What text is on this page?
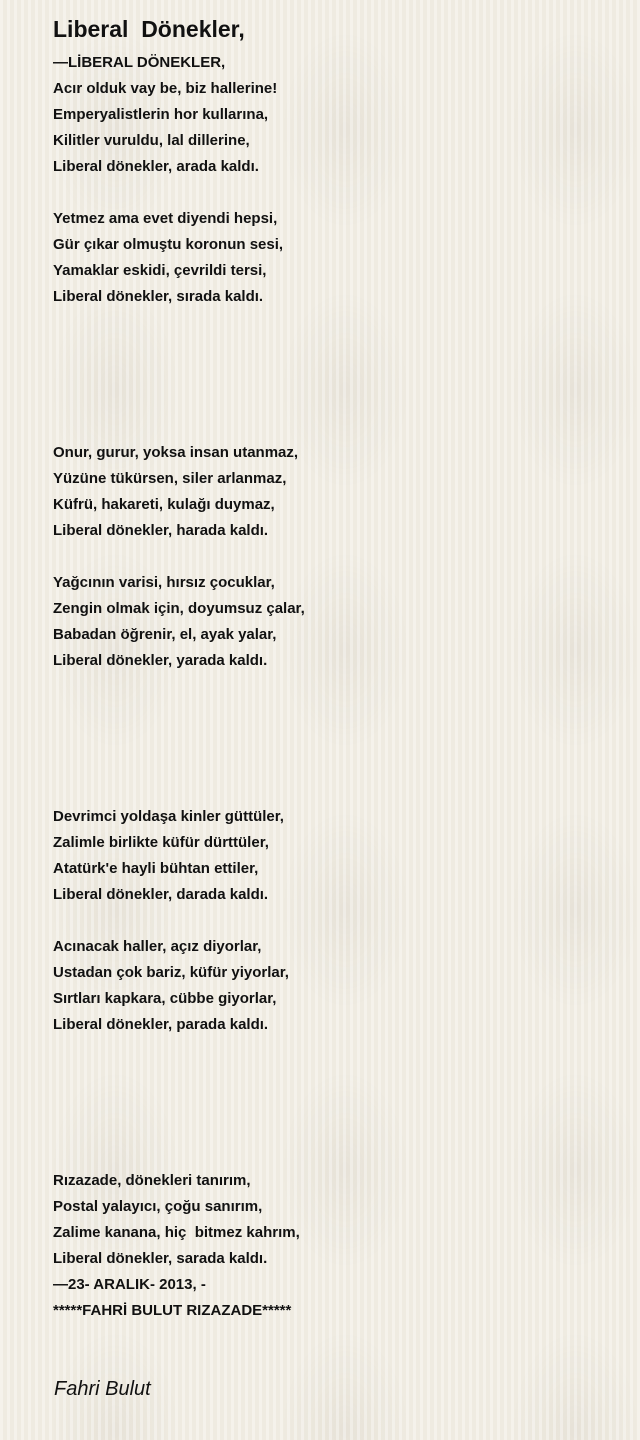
Liberal  Dönekler,
—LİBERAL DÖNEKLER,
Acır olduk vay be, biz hallerine!
Emperyalistlerin hor kullarına,
Kilitler vuruldu, lal dillerine,
Liberal dönekler, arada kaldı.
Yetmez ama evet diyendi hepsi,
Gür çıkar olmuştu koronun sesi,
Yamaklar eskidi, çevrildi tersi,
Liberal dönekler, sırada kaldı.
Onur, gurur, yoksa insan utanmaz,
Yüzüne tükürsen, siler arlanmaz,
Küfrü, hakareti, kulağı duymaz,
Liberal dönekler, harada kaldı.
Yağcının varisi, hırsız çocuklar,
Zengin olmak için, doyumsuz çalar,
Babadan öğrenir, el, ayak yalar,
Liberal dönekler, yarada kaldı.
Devrimci yoldaşa kinler güttüler,
Zalimle birlikte küfür dürttüler,
Atatürk'e hayli bühtan ettiler,
Liberal dönekler, darada kaldı.
Acınacak haller, açız diyorlar,
Ustadan çok bariz, küfür yiyorlar,
Sırtları kapkara, cübbe giyorlar,
Liberal dönekler, parada kaldı.
Rızazade, dönekleri tanırım,
Postal yalayıcı, çoğu sanırım,
Zalime kanana, hiç  bitmez kahrım,
Liberal dönekler, sarada kaldı.
—23- ARALIK- 2013, -
*****FAHRİ BULUT RIZAZADE*****
Fahri Bulut
